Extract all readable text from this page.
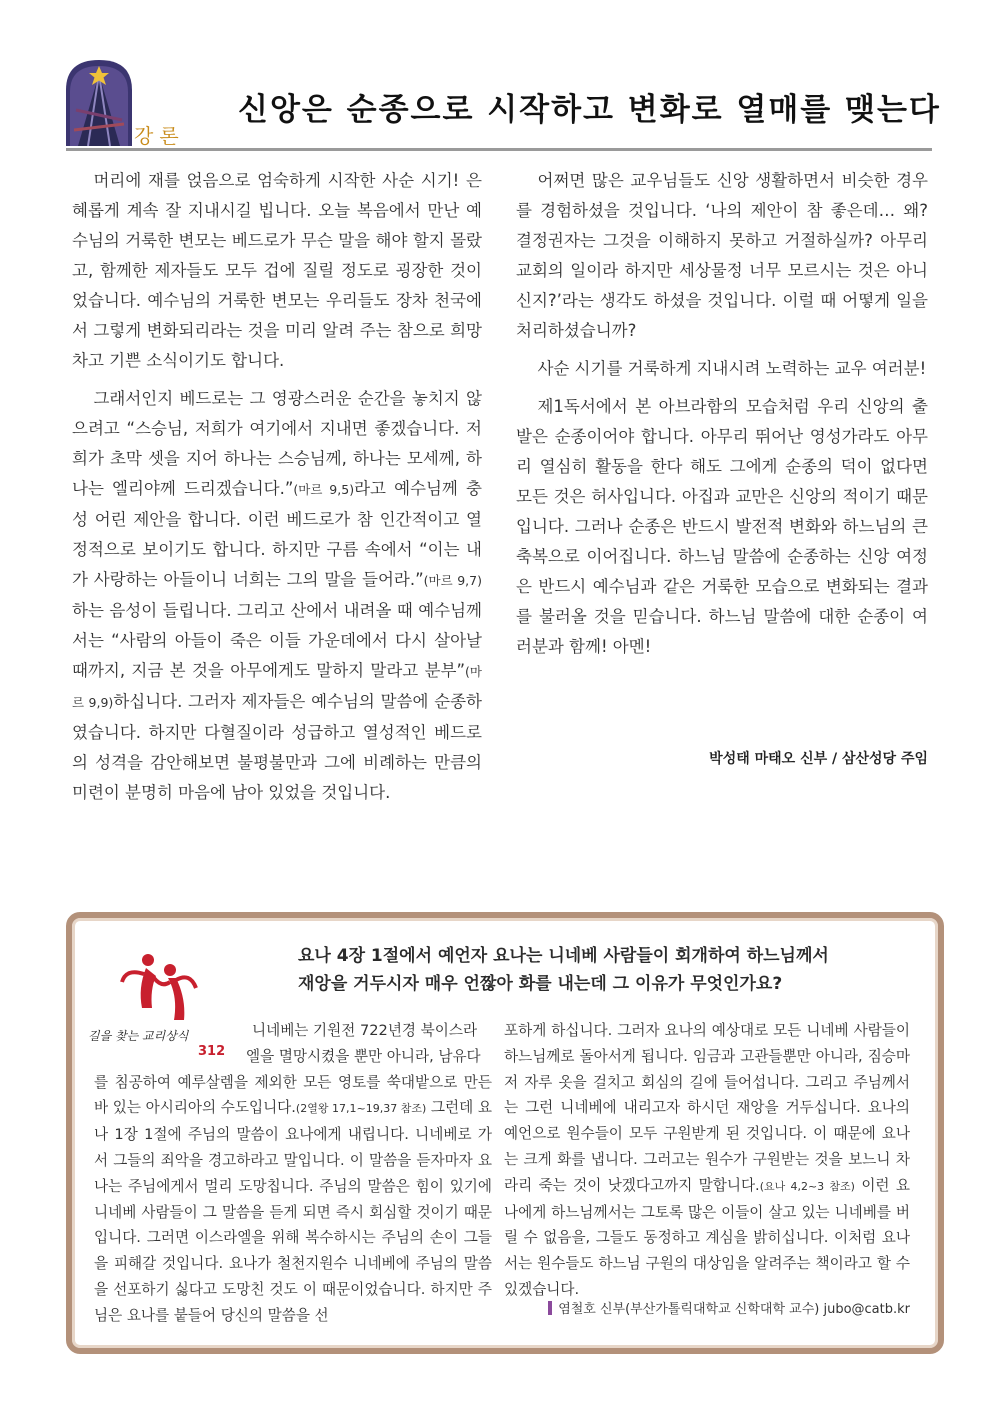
강론
신앙은 순종으로 시작하고 변화로 열매를 맺는다

머리에 재를 얹음으로 엄숙하게 시작한 사순 시기! 은혜롭게 계속 잘 지내시길 빕니다. 오늘 복음에서 만난 예수님의 거룩한 변모는 베드로가 무슨 말을 해야 할지 몰랐고, 함께한 제자들도 모두 겁에 질릴 정도로 굉장한 것이었습니다. 예수님의 거룩한 변모는 우리들도 장차 천국에서 그렇게 변화되리라는 것을 미리 알려 주는 참으로 희망차고 기쁜 소식이기도 합니다.

그래서인지 베드로는 그 영광스러운 순간을 놓치지 않으려고 “스승님, 저희가 여기에서 지내면 좋겠습니다. 저희가 초막 셋을 지어 하나는 스승님께, 하나는 모세께, 하나는 엘리야께 드리겠습니다.”(마르 9,5)라고 예수님께 충성 어린 제안을 합니다. 이런 베드로가 참 인간적이고 열정적으로 보이기도 합니다. 하지만 구름 속에서 “이는 내가 사랑하는 아들이니 너희는 그의 말을 들어라.”(마르 9,7) 하는 음성이 들립니다. 그리고 산에서 내려올 때 예수님께서는 “사람의 아들이 죽은 이들 가운데에서 다시 살아날 때까지, 지금 본 것을 아무에게도 말하지 말라고 분부”(마르 9,9)하십니다. 그러자 제자들은 예수님의 말씀에 순종하였습니다. 하지만 다혈질이라 성급하고 열성적인 베드로의 성격을 감안해보면 불평불만과 그에 비례하는 만큼의 미련이 분명히 마음에 남아 있었을 것입니다.

어쩌면 많은 교우님들도 신앙 생활하면서 비슷한 경우를 경험하셨을 것입니다. ‘나의 제안이 참 좋은데… 왜? 결정권자는 그것을 이해하지 못하고 거절하실까? 아무리 교회의 일이라 하지만 세상물정 너무 모르시는 것은 아니신지?’라는 생각도 하셨을 것입니다. 이럴 때 어떻게 일을 처리하셨습니까?

사순 시기를 거룩하게 지내시려 노력하는 교우 여러분!

제1독서에서 본 아브라함의 모습처럼 우리 신앙의 출발은 순종이어야 합니다. 아무리 뛰어난 영성가라도 아무리 열심히 활동을 한다 해도 그에게 순종의 덕이 없다면 모든 것은 허사입니다. 아집과 교만은 신앙의 적이기 때문입니다. 그러나 순종은 반드시 발전적 변화와 하느님의 큰 축복으로 이어집니다. 하느님 말씀에 순종하는 신앙 여정은 반드시 예수님과 같은 거룩한 모습으로 변화되는 결과를 불러올 것을 믿습니다. 하느님 말씀에 대한 순종이 여러분과 함께! 아멘!

박성태 마태오 신부 / 삼산성당 주임
요나 4장 1절에서 예언자 요나는 니네베 사람들이 회개하여 하느님께서
재앙을 거두시자 매우 언짢아 화를 내는데 그 이유가 무엇인가요?
길을 찾는 교리상식
312
니네베는 기원전 722년경 북이스라
엘을 멸망시켰을 뿐만 아니라, 남유다
를 침공하여 예루살렘을 제외한 모든 영토를 쑥대밭으로 만든 바 있는 아시리아의 수도입니다.(2열왕 17,1~19,37 참조) 그런데 요나 1장 1절에 주님의 말씀이 요나에게 내립니다. 니네베로 가서 그들의 죄악을 경고하라고 말입니다. 이 말씀을 듣자마자 요나는 주님에게서 멀리 도망칩니다. 주님의 말씀은 힘이 있기에 니네베 사람들이 그 말씀을 듣게 되면 즉시 회심할 것이기 때문입니다. 그러면 이스라엘을 위해 복수하시는 주님의 손이 그들을 피해갈 것입니다. 요나가 철천지원수 니네베에 주님의 말씀을 선포하기 싫다고 도망친 것도 이 때문이었습니다. 하지만 주님은 요나를 붙들어 당신의 말씀을 선
포하게 하십니다. 그러자 요나의 예상대로 모든 니네베 사람들이 하느님께로 돌아서게 됩니다. 임금과 고관들뿐만 아니라, 짐승마저 자루 옷을 걸치고 회심의 길에 들어섭니다. 그리고 주님께서는 그런 니네베에 내리고자 하시던 재앙을 거두십니다. 요나의 예언으로 원수들이 모두 구원받게 된 것입니다. 이 때문에 요나는 크게 화를 냅니다. 그러고는 원수가 구원받는 것을 보느니 차라리 죽는 것이 낫겠다고까지 말합니다.(요나 4,2~3 참조) 이런 요나에게 하느님께서는 그토록 많은 이들이 살고 있는 니네베를 버릴 수 없음을, 그들도 동정하고 계심을 밝히십니다. 이처럼 요나서는 원수들도 하느님 구원의 대상임을 알려주는 책이라고 할 수 있겠습니다.
염철호 신부(부산가톨릭대학교 신학대학 교수) jubo@catb.kr
